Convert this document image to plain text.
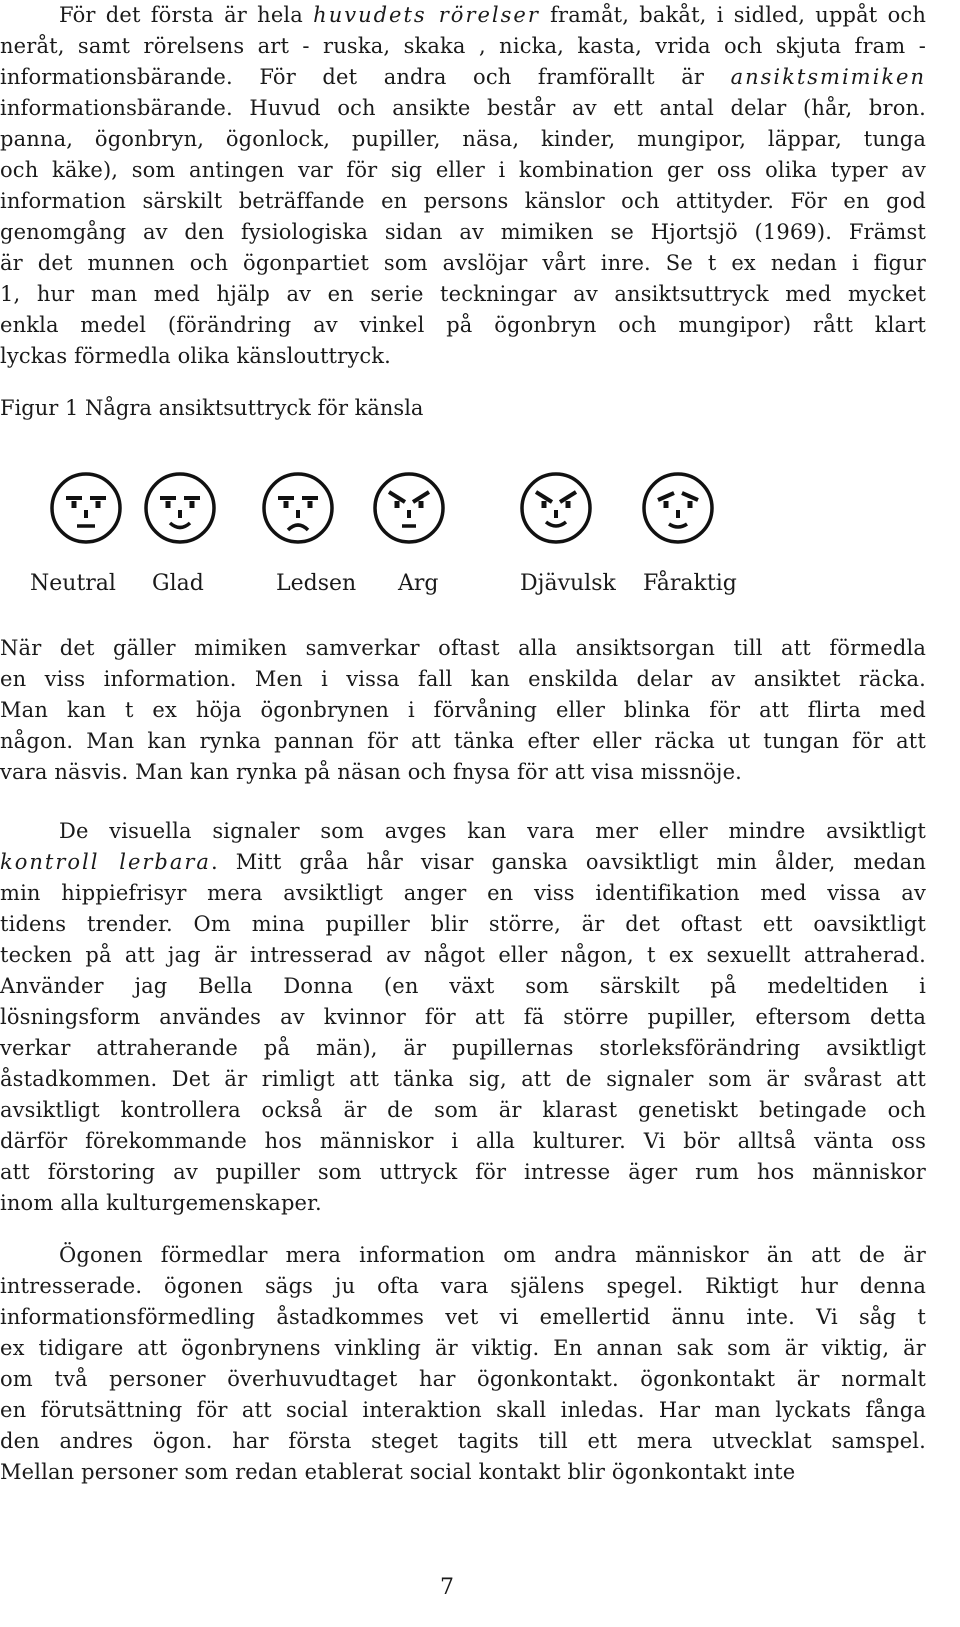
För det första är hela huvudets rörelser framåt, bakåt, i sidled, uppåt och
neråt, samt rörelsens art - ruska, skaka , nicka, kasta, vrida och skjuta fram -
informationsbärande. För det andra och framförallt är ansiktsmimiken
informationsbärande. Huvud och ansikte består av ett antal delar (hår, bron.
panna, ögonbryn, ögonlock, pupiller, näsa, kinder, mungipor, läppar, tunga
och käke), som antingen var för sig eller i kombination ger oss olika typer av
information särskilt beträffande en persons känslor och attityder. För en god
genomgång av den fysiologiska sidan av mimiken se Hjortsjö (1969). Främst
är det munnen och ögonpartiet som avslöjar vårt inre. Se t ex nedan i figur
1, hur man med hjälp av en serie teckningar av ansiktsuttryck med mycket
enkla medel (förändring av vinkel på ögonbryn och mungipor) rått klart
lyckas förmedla olika känslouttryck.
Figur 1 Några ansiktsuttryck för känsla
Neutral Glad	Ledsen Arg	Djävulsk Fåraktig
När det gäller mimiken samverkar oftast alla ansiktsorgan till att förmedla
en viss information. Men i vissa fall kan enskilda delar av ansiktet räcka.
Man kan t ex höja ögonbrynen i förvåning eller blinka för att flirta med
någon. Man kan rynka pannan för att tänka efter eller räcka ut tungan för att
vara näsvis. Man kan rynka på näsan och fnysa för att visa missnöje.
De visuella signaler som avges kan vara mer eller mindre avsiktligt
kontroll lerbara. Mitt gråa hår visar ganska oavsiktligt min ålder, medan
min hippiefrisyr mera avsiktligt anger en viss identifikation med vissa av
tidens trender. Om mina pupiller blir större, är det oftast ett oavsiktligt
tecken på att jag är intresserad av något eller någon, t ex sexuellt attraherad.
Använder jag Bella Donna (en växt som särskilt på medeltiden i
lösningsform användes av kvinnor för att fä större pupiller, eftersom detta
verkar attraherande på män), är pupillernas storleksförändring avsiktligt
åstadkommen. Det är rimligt att tänka sig, att de signaler som är svårast att
avsiktligt kontrollera också är de som är klarast genetiskt betingade och
därför förekommande hos människor i alla kulturer. Vi bör alltså vänta oss
att förstoring av pupiller som uttryck för intresse äger rum hos människor
inom alla kulturgemenskaper.
Ögonen förmedlar mera information om andra människor än att de är
intresserade. ögonen sägs ju ofta vara själens spegel. Riktigt hur denna
informationsförmedling åstadkommes vet vi emellertid ännu inte. Vi såg t
ex tidigare att ögonbrynens vinkling är viktig. En annan sak som är viktig, är
om två personer överhuvudtaget har ögonkontakt. ögonkontakt är normalt
en förutsättning för att social interaktion skall inledas. Har man lyckats fånga
den andres ögon. har första steget tagits till ett mera utvecklat samspel.
Mellan personer som redan etablerat social kontakt blir ögonkontakt inte
7
